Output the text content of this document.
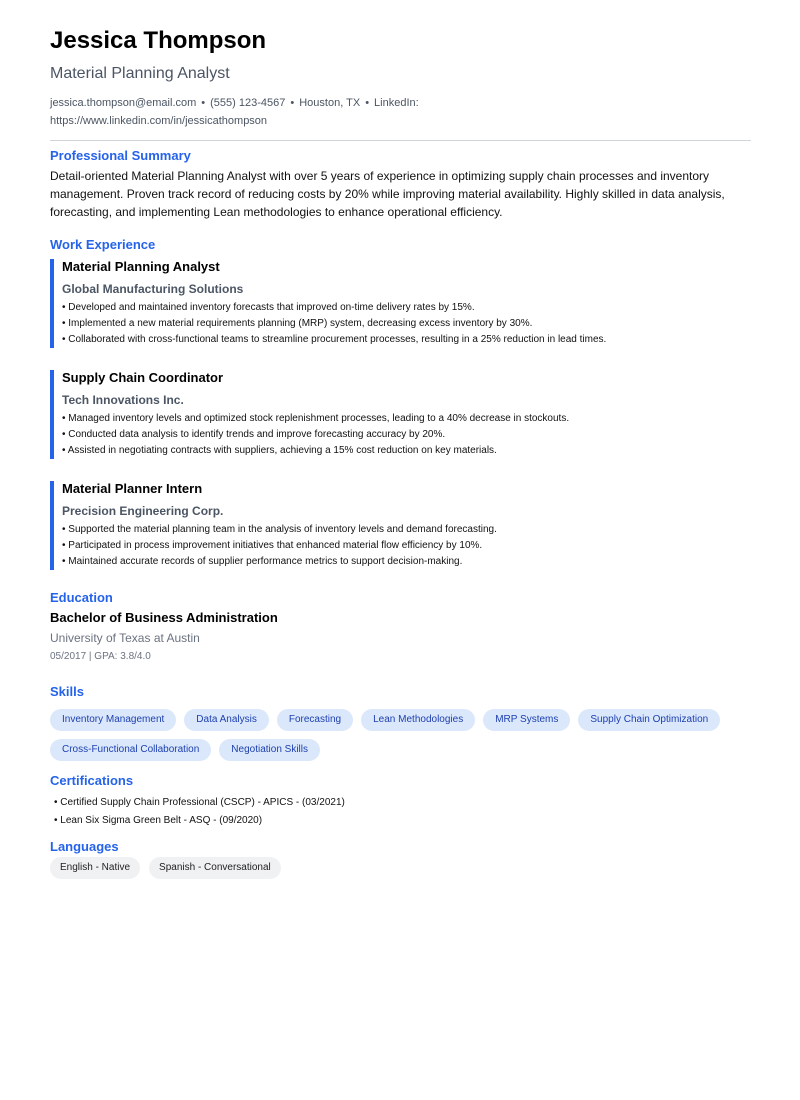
Jessica Thompson
Material Planning Analyst
jessica.thompson@email.com • (555) 123-4567 • Houston, TX • LinkedIn: https://www.linkedin.com/in/jessicathompson
Professional Summary
Detail-oriented Material Planning Analyst with over 5 years of experience in optimizing supply chain processes and inventory management. Proven track record of reducing costs by 20% while improving material availability. Highly skilled in data analysis, forecasting, and implementing Lean methodologies to enhance operational efficiency.
Work Experience
Material Planning Analyst
Global Manufacturing Solutions
• Developed and maintained inventory forecasts that improved on-time delivery rates by 15%.
• Implemented a new material requirements planning (MRP) system, decreasing excess inventory by 30%.
• Collaborated with cross-functional teams to streamline procurement processes, resulting in a 25% reduction in lead times.
Supply Chain Coordinator
Tech Innovations Inc.
• Managed inventory levels and optimized stock replenishment processes, leading to a 40% decrease in stockouts.
• Conducted data analysis to identify trends and improve forecasting accuracy by 20%.
• Assisted in negotiating contracts with suppliers, achieving a 15% cost reduction on key materials.
Material Planner Intern
Precision Engineering Corp.
• Supported the material planning team in the analysis of inventory levels and demand forecasting.
• Participated in process improvement initiatives that enhanced material flow efficiency by 10%.
• Maintained accurate records of supplier performance metrics to support decision-making.
Education
Bachelor of Business Administration
University of Texas at Austin
05/2017 | GPA: 3.8/4.0
Skills
Inventory Management	Data Analysis	Forecasting	Lean Methodologies	MRP Systems	Supply Chain Optimization
Cross-Functional Collaboration	Negotiation Skills
Certifications
• Certified Supply Chain Professional (CSCP) - APICS - (03/2021)
• Lean Six Sigma Green Belt - ASQ - (09/2020)
Languages
English - Native	Spanish - Conversational
